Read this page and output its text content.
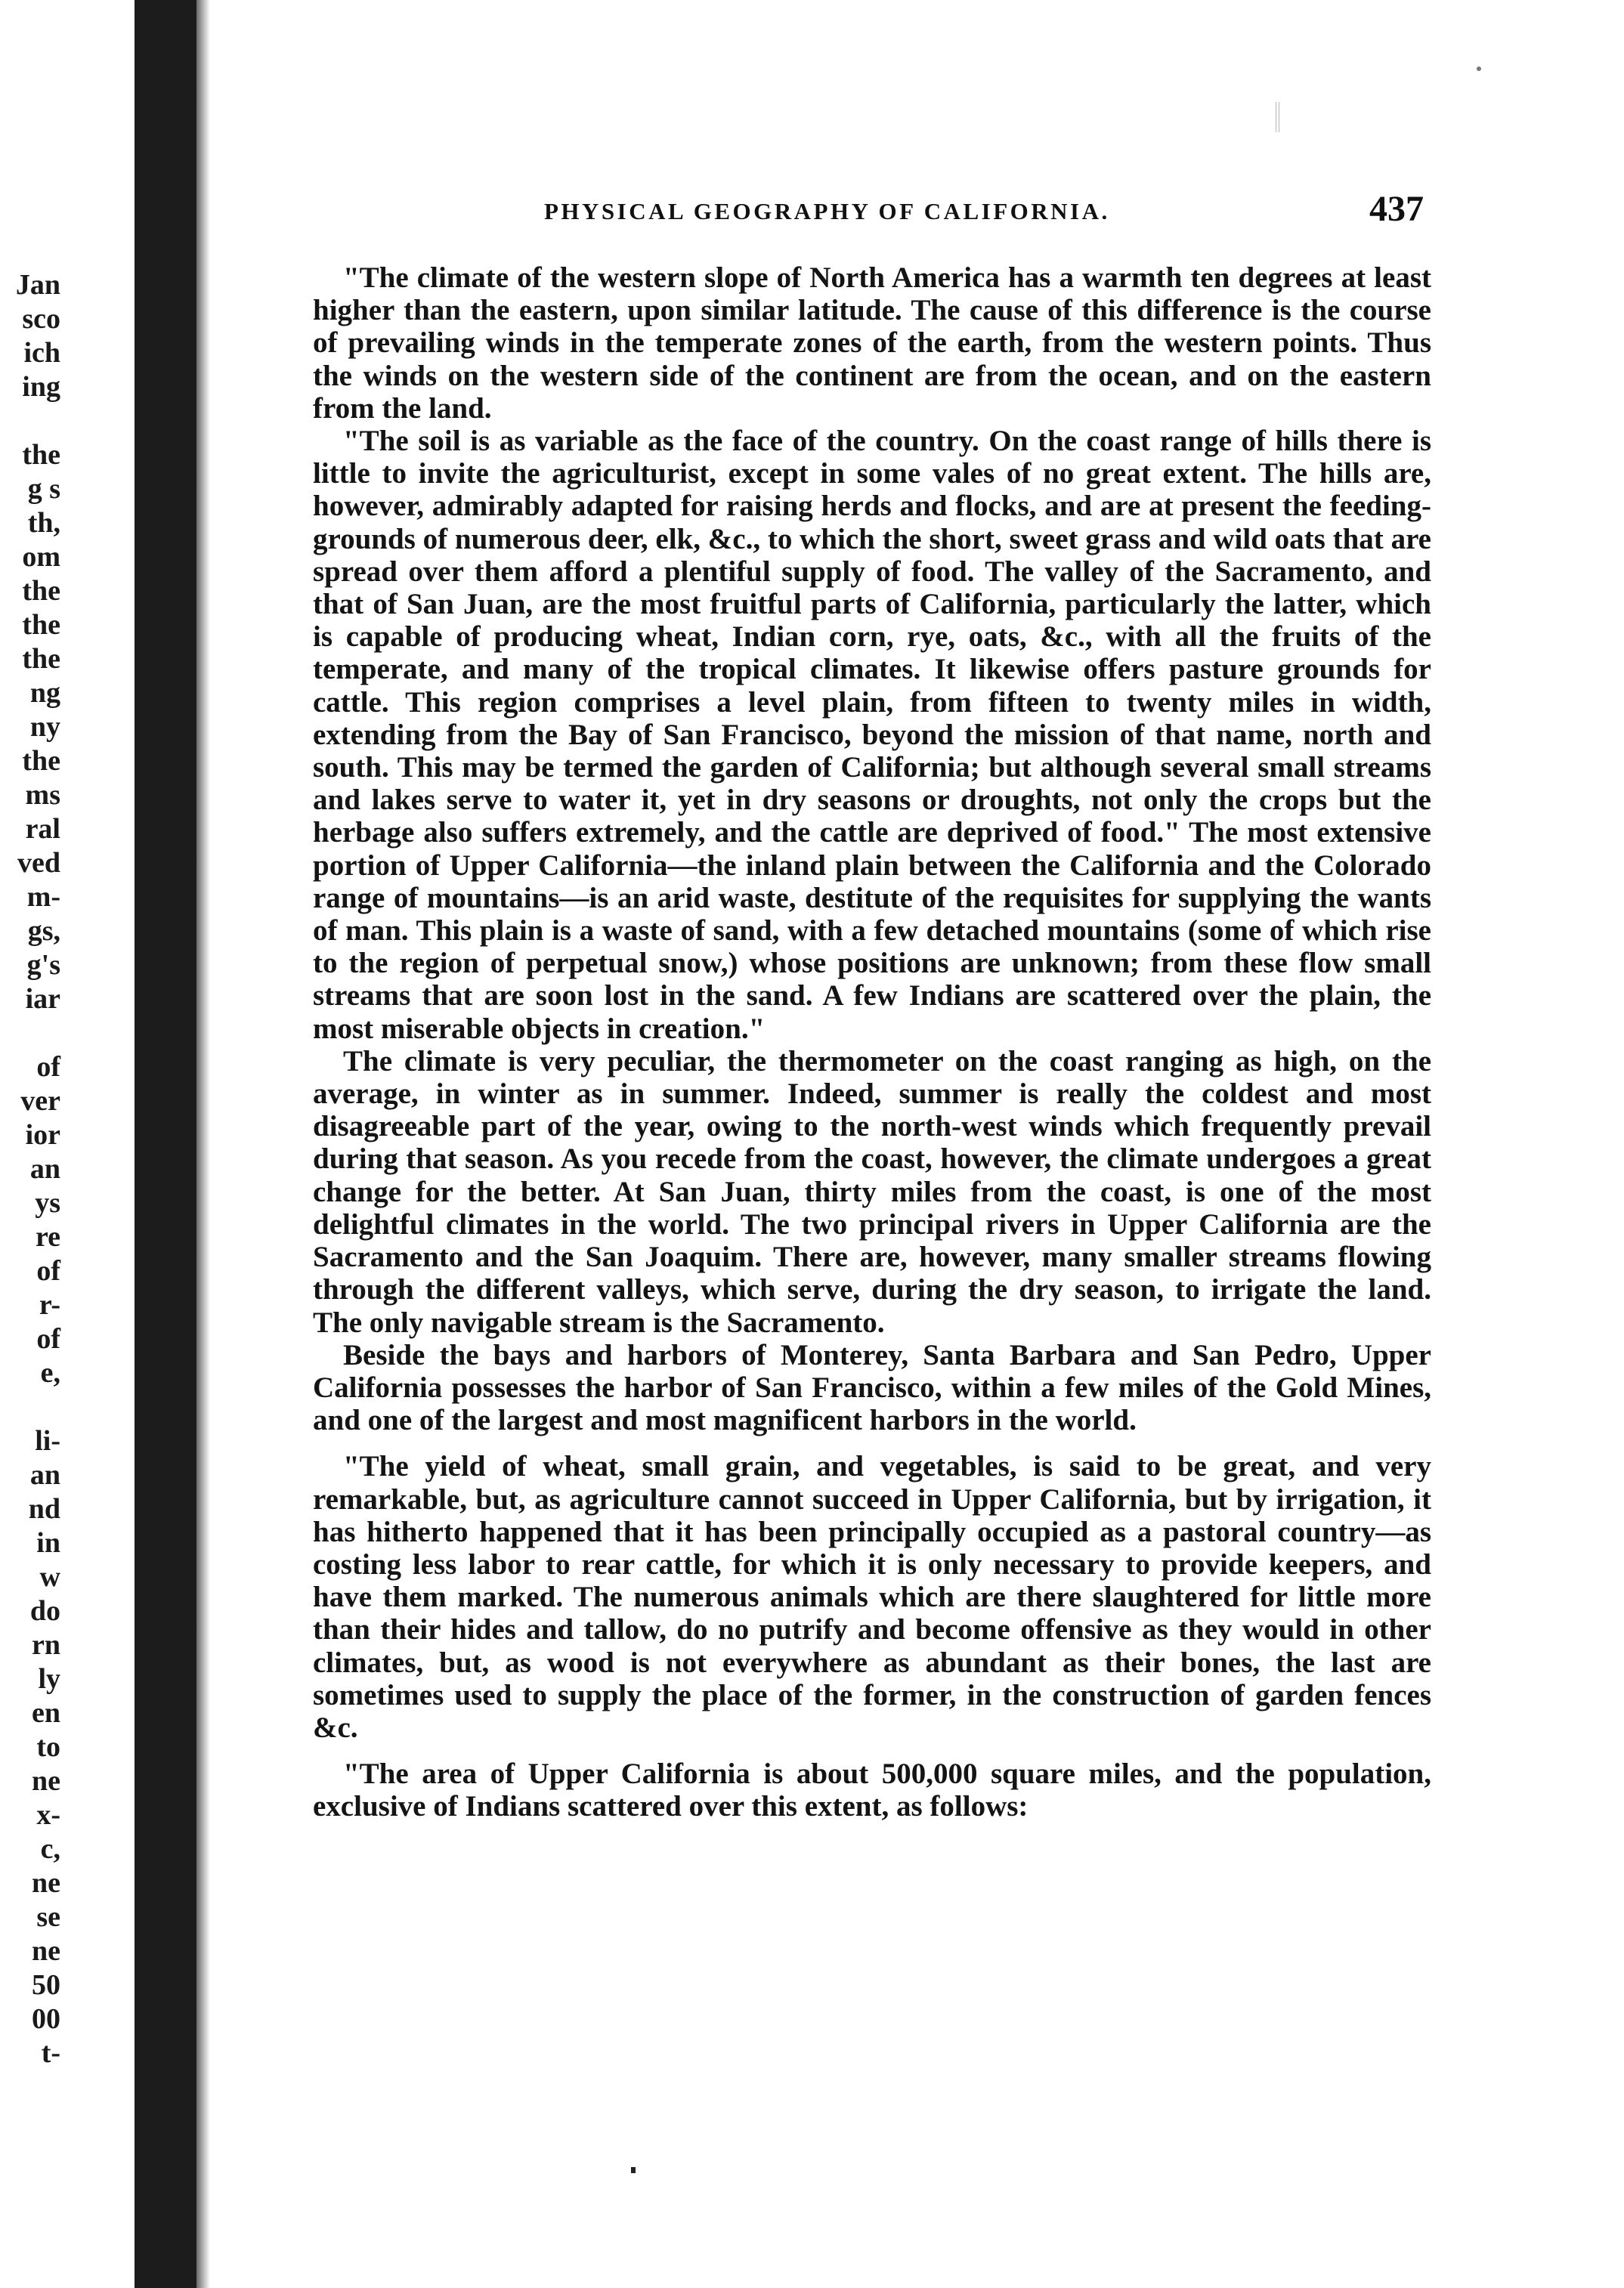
Jan
sco
ich
ing
the
g s
th,
om
the
the
the
ng
ny
the
ms
ral
ved
m-
gs,
g's
iar
of
ver
ior
an
ys
re
of
r-
of
e,
li-
an
nd
in
w
do
rn
ly
en
to
ne
x-
c,
ne
se
ne
50
00
t-
PHYSICAL GEOGRAPHY OF CALIFORNIA.	437

"The climate of the western slope of North America has a warmth ten degrees at least higher than the eastern, upon similar latitude. The cause of this difference is the course of prevailing winds in the temperate zones of the earth, from the western points. Thus the winds on the western side of the continent are from the ocean, and on the eastern from the land.

"The soil is as variable as the face of the country. On the coast range of hills there is little to invite the agriculturist, except in some vales of no great extent. The hills are, however, admirably adapted for raising herds and flocks, and are at present the feeding-grounds of numerous deer, elk, &c., to which the short, sweet grass and wild oats that are spread over them afford a plentiful supply of food. The valley of the Sacramento, and that of San Juan, are the most fruitful parts of California, particularly the latter, which is capable of producing wheat, Indian corn, rye, oats, &c., with all the fruits of the temperate, and many of the tropical climates. It likewise offers pasture grounds for cattle. This region comprises a level plain, from fifteen to twenty miles in width, extending from the Bay of San Francisco, beyond the mission of that name, north and south. This may be termed the garden of California; but although several small streams and lakes serve to water it, yet in dry seasons or droughts, not only the crops but the herbage also suffers extremely, and the cattle are deprived of food." The most extensive portion of Upper California—the inland plain between the California and the Colorado range of mountains—is an arid waste, destitute of the requisites for supplying the wants of man. This plain is a waste of sand, with a few detached mountains (some of which rise to the region of perpetual snow,) whose positions are unknown; from these flow small streams that are soon lost in the sand. A few Indians are scattered over the plain, the most miserable objects in creation."

The climate is very peculiar, the thermometer on the coast ranging as high, on the average, in winter as in summer. Indeed, summer is really the coldest and most disagreeable part of the year, owing to the north-west winds which frequently prevail during that season. As you recede from the coast, however, the climate undergoes a great change for the better. At San Juan, thirty miles from the coast, is one of the most delightful climates in the world. The two principal rivers in Upper California are the Sacramento and the San Joaquim. There are, however, many smaller streams flowing through the different valleys, which serve, during the dry season, to irrigate the land. The only navigable stream is the Sacramento.

Beside the bays and harbors of Monterey, Santa Barbara and San Pedro, Upper California possesses the harbor of San Francisco, within a few miles of the Gold Mines, and one of the largest and most magnificent harbors in the world.

"The yield of wheat, small grain, and vegetables, is said to be great, and very remarkable, but, as agriculture cannot succeed in Upper California, but by irrigation, it has hitherto happened that it has been principally occupied as a pastoral country—as costing less labor to rear cattle, for which it is only necessary to provide keepers, and have them marked. The numerous animals which are there slaughtered for little more than their hides and tallow, do no putrify and become offensive as they would in other climates, but, as wood is not everywhere as abundant as their bones, the last are sometimes used to supply the place of the former, in the construction of garden fences &c.

"The area of Upper California is about 500,000 square miles, and the population, exclusive of Indians scattered over this extent, as follows:
